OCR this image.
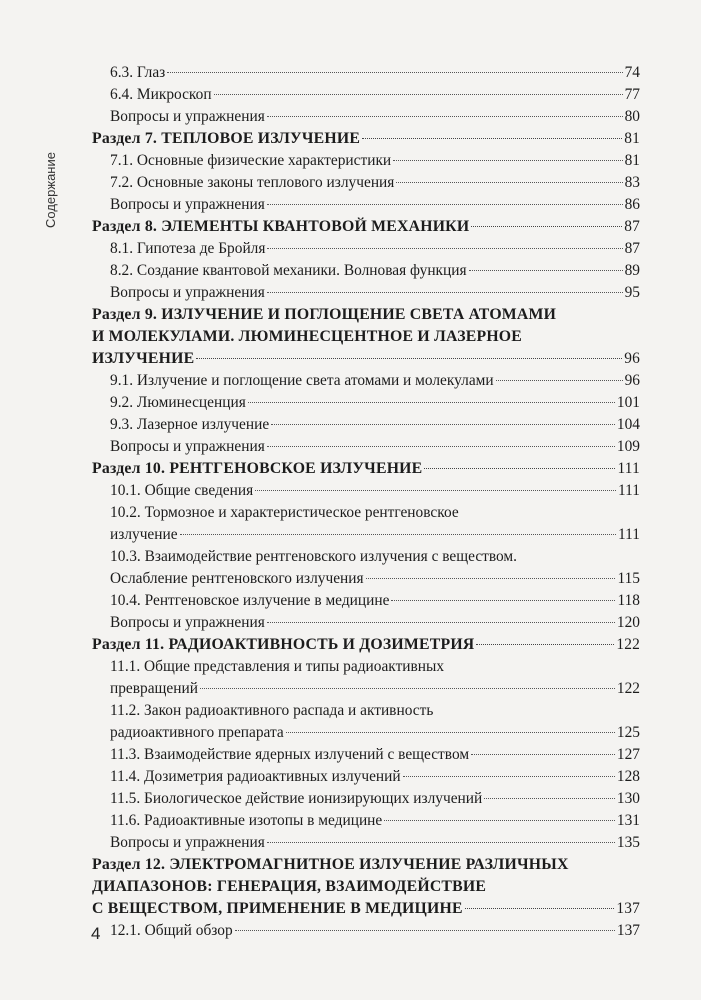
Содержание
6.3. Глаз	74
6.4. Микроскоп	77
Вопросы и упражнения	80
Раздел 7. ТЕПЛОВОЕ ИЗЛУЧЕНИЕ	81
7.1. Основные физические характеристики	81
7.2. Основные законы теплового излучения	83
Вопросы и упражнения	86
Раздел 8. ЭЛЕМЕНТЫ КВАНТОВОЙ МЕХАНИКИ	87
8.1. Гипотеза де Бройля	87
8.2. Создание квантовой механики. Волновая функция	89
Вопросы и упражнения	95
Раздел 9. ИЗЛУЧЕНИЕ И ПОГЛОЩЕНИЕ СВЕТА АТОМАМИ
И МОЛЕКУЛАМИ. ЛЮМИНЕСЦЕНТНОЕ И ЛАЗЕРНОЕ
ИЗЛУЧЕНИЕ	96
9.1. Излучение и поглощение света атомами и молекулами	96
9.2. Люминесценция	101
9.3. Лазерное излучение	104
Вопросы и упражнения	109
Раздел 10. РЕНТГЕНОВСКОЕ ИЗЛУЧЕНИЕ	111
10.1. Общие сведения	111
10.2. Тормозное и характеристическое рентгеновское
излучение	111
10.3. Взаимодействие рентгеновского излучения с веществом.
Ослабление рентгеновского излучения	115
10.4. Рентгеновское излучение в медицине	118
Вопросы и упражнения	120
Раздел 11. РАДИОАКТИВНОСТЬ И ДОЗИМЕТРИЯ	122
11.1. Общие представления и типы радиоактивных
превращений	122
11.2. Закон радиоактивного распада и активность
радиоактивного препарата	125
11.3. Взаимодействие ядерных излучений с веществом	127
11.4. Дозиметрия радиоактивных излучений	128
11.5. Биологическое действие ионизирующих излучений	130
11.6. Радиоактивные изотопы в медицине	131
Вопросы и упражнения	135
Раздел 12. ЭЛЕКТРОМАГНИТНОЕ ИЗЛУЧЕНИЕ РАЗЛИЧНЫХ
ДИАПАЗОНОВ: ГЕНЕРАЦИЯ, ВЗАИМОДЕЙСТВИЕ
С ВЕЩЕСТВОМ, ПРИМЕНЕНИЕ В МЕДИЦИНЕ	137
12.1. Общий обзор	137
4
